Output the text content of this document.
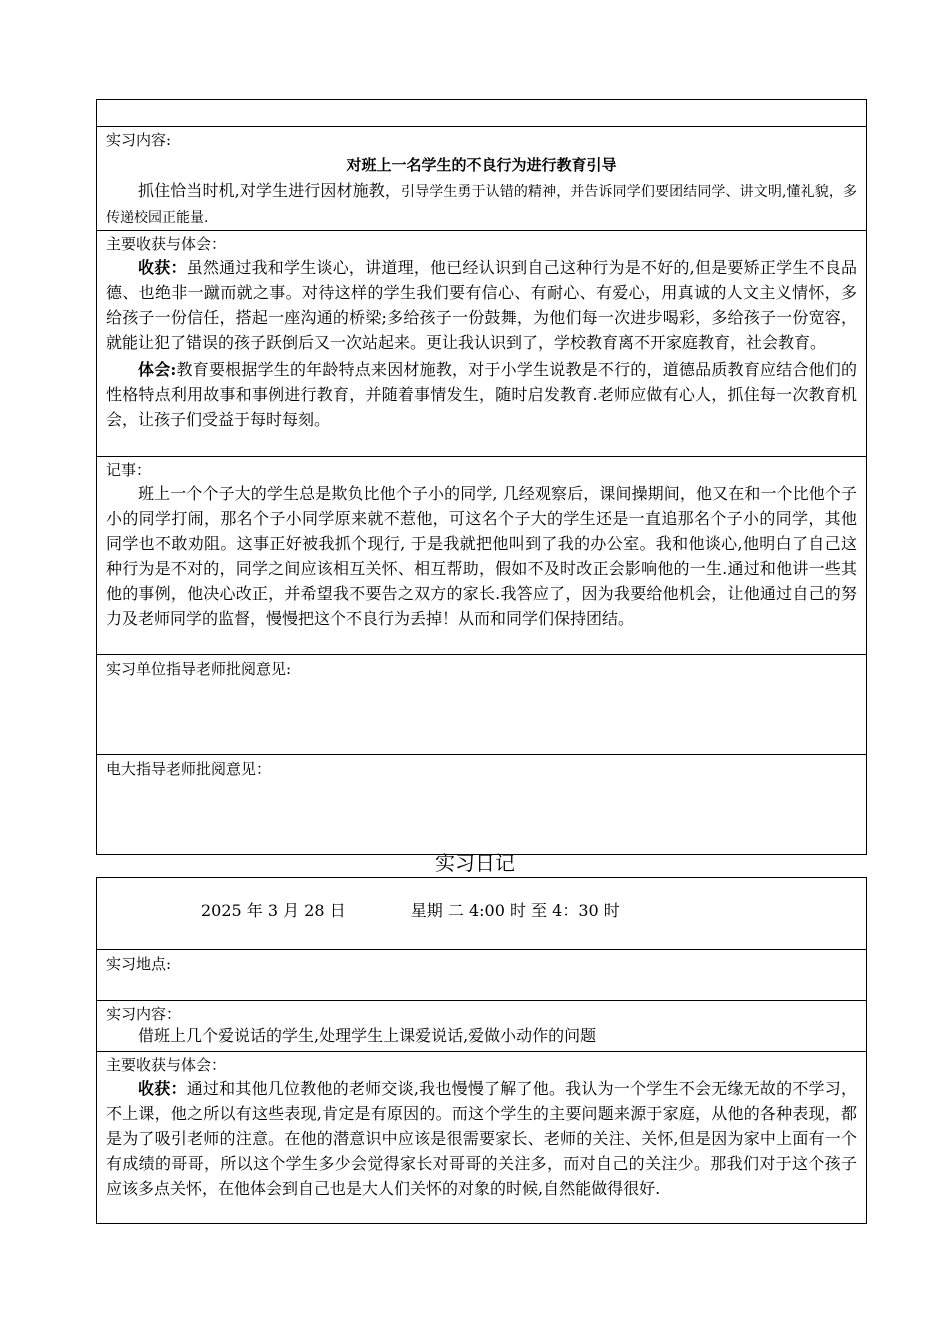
实习内容:
对班上一名学生的不良行为进行教育引导

抓住恰当时机,对学生进行因材施教，引导学生勇于认错的精神，并告诉同学们要团结同学、讲文明,懂礼貌，多传递校园正能量.

主要收获与体会：

收获：虽然通过我和学生谈心，讲道理，他已经认识到自己这种行为是不好的,但是要矫正学生不良品德、也绝非一蹴而就之事。对待这样的学生我们要有信心、有耐心、有爱心，用真诚的人文主义情怀，多给孩子一份信任，搭起一座沟通的桥梁;多给孩子一份鼓舞，为他们每一次进步喝彩，多给孩子一份宽容，就能让犯了错误的孩子跃倒后又一次站起来。更让我认识到了，学校教育离不开家庭教育，社会教育。

体会:教育要根据学生的年龄特点来因材施教，对于小学生说教是不行的，道德品质教育应结合他们的性格特点利用故事和事例进行教育，并随着事情发生，随时启发教育.老师应做有心人，抓住每一次教育机会，让孩子们受益于每时每刻。

记事：

班上一个个子大的学生总是欺负比他个子小的同学, 几经观察后，课间操期间，他又在和一个比他个子小的同学打闹，那名个子小同学原来就不惹他，可这名个子大的学生还是一直追那名个子小的同学，其他同学也不敢劝阻。这事正好被我抓个现行, 于是我就把他叫到了我的办公室。我和他谈心,他明白了自己这种行为是不对的，同学之间应该相互关怀、相互帮助，假如不及时改正会影响他的一生.通过和他讲一些其他的事例，他决心改正，并希望我不要告之双方的家长.我答应了，因为我要给他机会，让他通过自己的努力及老师同学的监督，慢慢把这个不良行为丢掉！从而和同学们保持团结。

实习单位指导老师批阅意见:
电大指导老师批阅意见：
实习日记
2025 年 3 月 28 日	星期 二 4:00 时 至 4：30 时
实习地点:
实习内容：
借班上几个爱说话的学生,处理学生上课爱说话,爱做小动作的问题
主要收获与体会：

收获：通过和其他几位教他的老师交谈,我也慢慢了解了他。我认为一个学生不会无缘无故的不学习，不上课，他之所以有这些表现,肯定是有原因的。而这个学生的主要问题来源于家庭，从他的各种表现，都是为了吸引老师的注意。在他的潜意识中应该是很需要家长、老师的关注、关怀,但是因为家中上面有一个有成绩的哥哥，所以这个学生多少会觉得家长对哥哥的关注多，而对自己的关注少。那我们对于这个孩子应该多点关怀，在他体会到自己也是大人们关怀的对象的时候,自然能做得很好.
